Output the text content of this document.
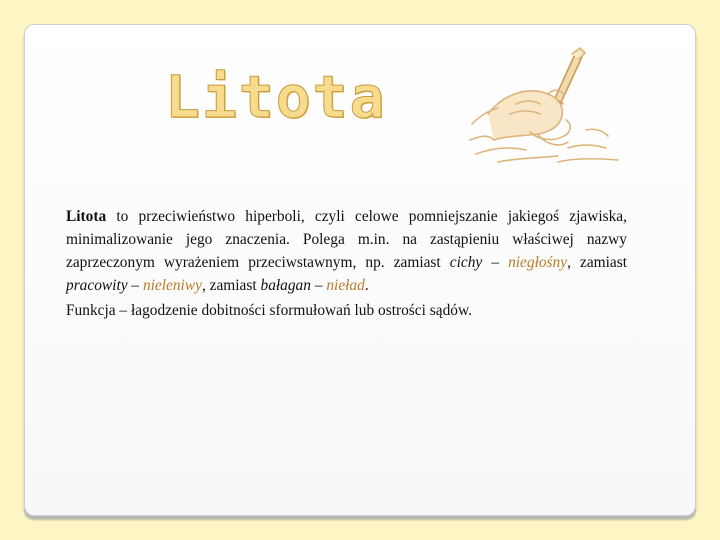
Litota

Litota to przeciwieństwo hiperboli, czyli celowe pomniejszanie jakiegoś zjawiska, minimalizowanie jego znaczenia. Polega m.in. na zastąpieniu właściwej nazwy zaprzeczonym wyrażeniem przeciwstawnym, np. zamiast cichy – niegłośny, zamiast pracowity – nieleniwy, zamiast bałagan – nieład.

Funkcja – łagodzenie dobitności sformułowań lub ostrości sądów.
